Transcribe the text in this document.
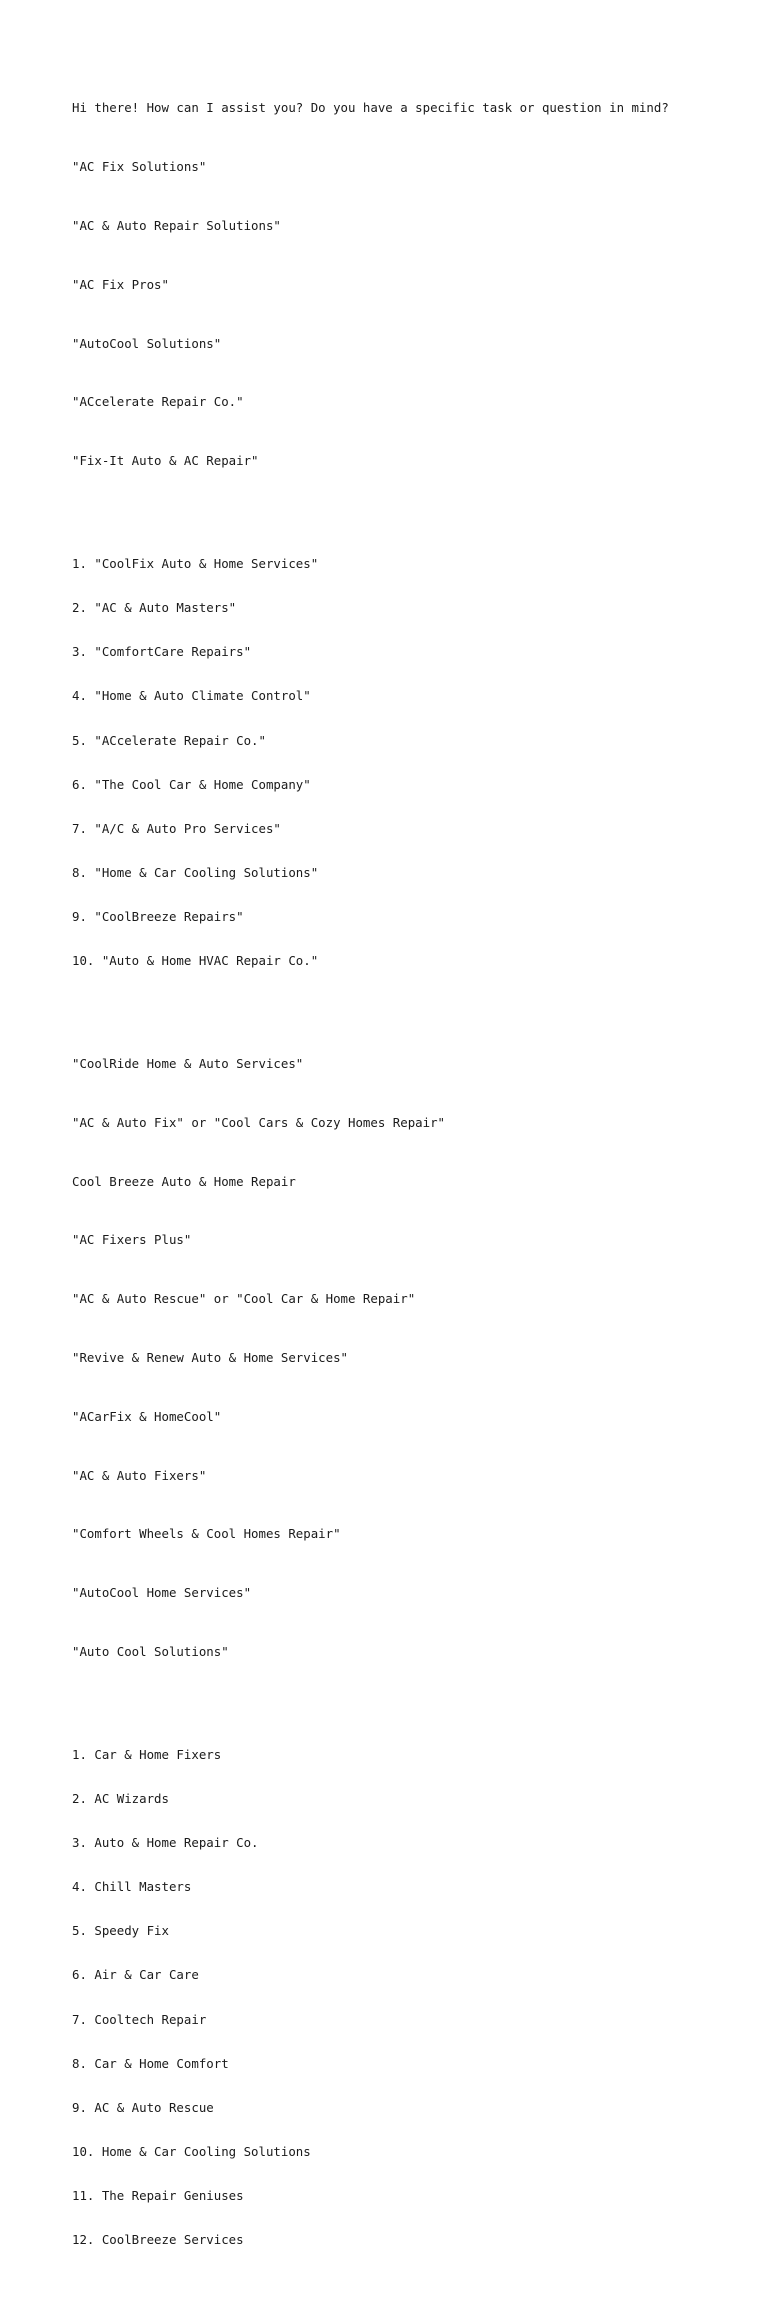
Hi there! How can I assist you? Do you have a specific task or question in mind?

"AC Fix Solutions"

"AC & Auto Repair Solutions"

"AC Fix Pros"

"AutoCool Solutions"

"ACcelerate Repair Co."

"Fix-It Auto & AC Repair"

1. "CoolFix Auto & Home Services"

2. "AC & Auto Masters"

3. "ComfortCare Repairs"

4. "Home & Auto Climate Control"

5. "ACcelerate Repair Co."

6. "The Cool Car & Home Company"

7. "A/C & Auto Pro Services"

8. "Home & Car Cooling Solutions"

9. "CoolBreeze Repairs"

10. "Auto & Home HVAC Repair Co."

"CoolRide Home & Auto Services"

"AC & Auto Fix" or "Cool Cars & Cozy Homes Repair"

Cool Breeze Auto & Home Repair

"AC Fixers Plus"

"AC & Auto Rescue" or "Cool Car & Home Repair"

"Revive & Renew Auto & Home Services"

"ACarFix & HomeCool"

"AC & Auto Fixers"

"Comfort Wheels & Cool Homes Repair"

"AutoCool Home Services"

"Auto Cool Solutions"

1. Car & Home Fixers

2. AC Wizards

3. Auto & Home Repair Co.

4. Chill Masters

5. Speedy Fix

6. Air & Car Care

7. Cooltech Repair

8. Car & Home Comfort

9. AC & Auto Rescue

10. Home & Car Cooling Solutions

11. The Repair Geniuses

12. CoolBreeze Services
